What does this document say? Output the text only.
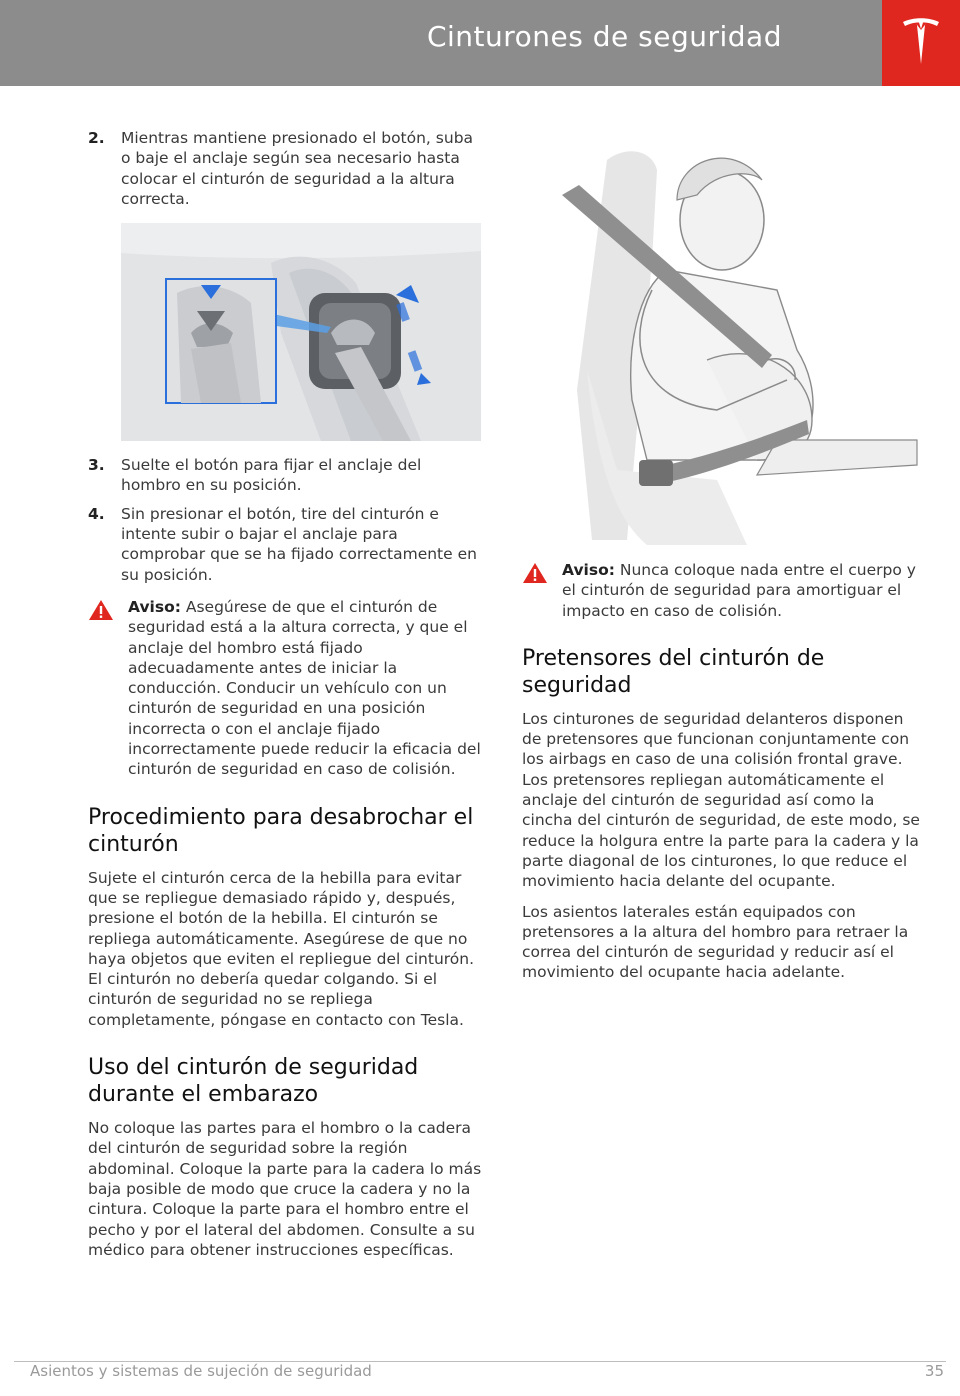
Cinturones de seguridad
2.	Mientras mantiene presionado el botón, suba o baje el anclaje según sea necesario hasta colocar el cinturón de seguridad a la altura correcta.
3.	Suelte el botón para fijar el anclaje del hombro en su posición.
4.	Sin presionar el botón, tire del cinturón e intente subir o bajar el anclaje para comprobar que se ha fijado correctamente en su posición.
Aviso: Asegúrese de que el cinturón de seguridad está a la altura correcta, y que el anclaje del hombro está fijado adecuadamente antes de iniciar la conducción. Conducir un vehículo con un cinturón de seguridad en una posición incorrecta o con el anclaje fijado incorrectamente puede reducir la eficacia del cinturón de seguridad en caso de colisión.
Procedimiento para desabrochar el cinturón

Sujete el cinturón cerca de la hebilla para evitar que se repliegue demasiado rápido y, después, presione el botón de la hebilla. El cinturón se repliega automáticamente. Asegúrese de que no haya objetos que eviten el repliegue del cinturón. El cinturón no debería quedar colgando. Si el cinturón de seguridad no se repliega completamente, póngase en contacto con Tesla.

Uso del cinturón de seguridad durante el embarazo

No coloque las partes para el hombro o la cadera del cinturón de seguridad sobre la región abdominal. Coloque la parte para la cadera lo más baja posible de modo que cruce la cadera y no la cintura. Coloque la parte para el hombro entre el pecho y por el lateral del abdomen. Consulte a su médico para obtener instrucciones específicas.

Aviso: Nunca coloque nada entre el cuerpo y el cinturón de seguridad para amortiguar el impacto en caso de colisión.
Pretensores del cinturón de seguridad

Los cinturones de seguridad delanteros disponen de pretensores que funcionan conjuntamente con los airbags en caso de una colisión frontal grave. Los pretensores repliegan automáticamente el anclaje del cinturón de seguridad así como la cincha del cinturón de seguridad, de este modo, se reduce la holgura entre la parte para la cadera y la parte diagonal de los cinturones, lo que reduce el movimiento hacia delante del ocupante.

Los asientos laterales están equipados con pretensores a la altura del hombro para retraer la correa del cinturón de seguridad y reducir así el movimiento del ocupante hacia adelante.

Asientos y sistemas de sujeción de seguridad	35
